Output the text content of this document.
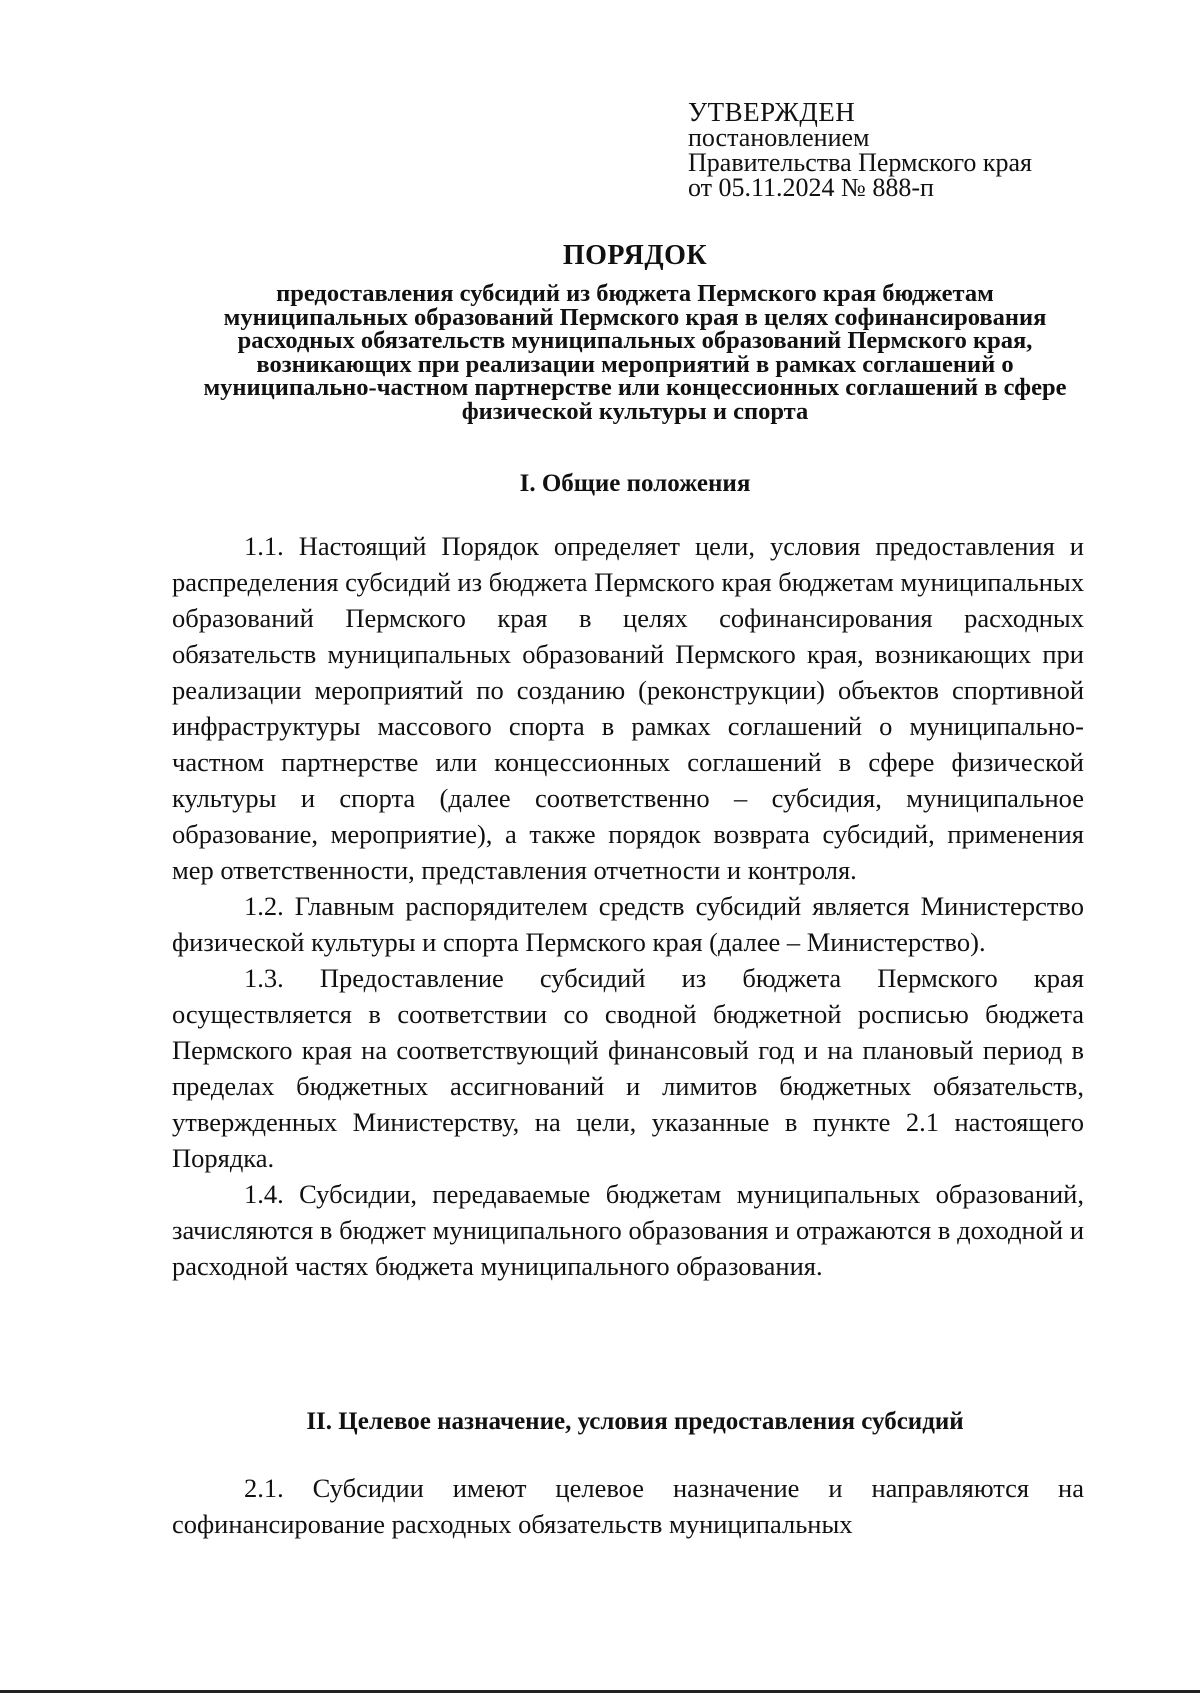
УТВЕРЖДЕН
постановлением
Правительства Пермского края
от 05.11.2024 № 888-п
ПОРЯДОК
предоставления субсидий из бюджета Пермского края бюджетам муниципальных образований Пермского края в целях софинансирования расходных обязательств муниципальных образований Пермского края, возникающих при реализации мероприятий в рамках соглашений о муниципально-частном партнерстве или концессионных соглашений в сфере физической культуры и спорта
I. Общие положения

1.1. Настоящий Порядок определяет цели, условия предоставления и распределения субсидий из бюджета Пермского края бюджетам муниципальных образований Пермского края в целях софинансирования расходных обязательств муниципальных образований Пермского края, возникающих при реализации мероприятий по созданию (реконструкции) объектов спортивной инфраструктуры массового спорта в рамках соглашений о муниципально-частном партнерстве или концессионных соглашений в сфере физической культуры и спорта (далее соответственно – субсидия, муниципальное образование, мероприятие), а также порядок возврата субсидий, применения мер ответственности, представления отчетности и контроля.

1.2. Главным распорядителем средств субсидий является Министерство физической культуры и спорта Пермского края (далее – Министерство).

1.3. Предоставление субсидий из бюджета Пермского края осуществляется в соответствии со сводной бюджетной росписью бюджета Пермского края на соответствующий финансовый год и на плановый период в пределах бюджетных ассигнований и лимитов бюджетных обязательств, утвержденных Министерству, на цели, указанные в пункте 2.1 настоящего Порядка.

1.4. Субсидии, передаваемые бюджетам муниципальных образований, зачисляются в бюджет муниципального образования и отражаются в доходной и расходной частях бюджета муниципального образования.

II. Целевое назначение, условия предоставления субсидий

2.1. Субсидии имеют целевое назначение и направляются на софинансирование расходных обязательств муниципальных
